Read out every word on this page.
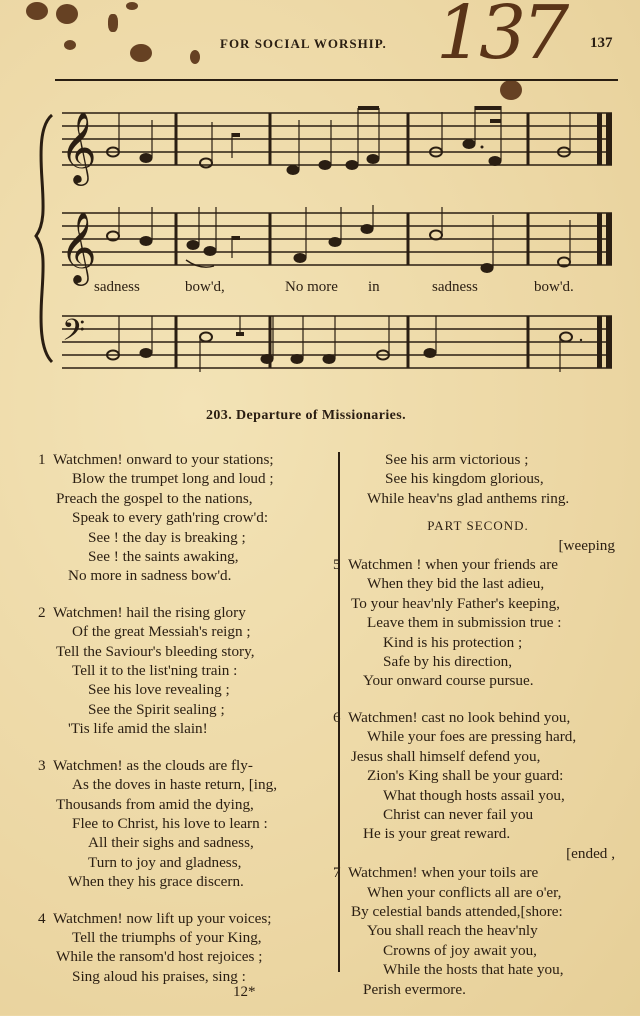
137
FOR SOCIAL WORSHIP.	137
𝄞
𝄞
𝄢
sadness	bow'd,	No more in	sadness	bow'd.
203. Departure of Missionaries.
1 Watchmen! onward to your stations;
Blow the trumpet long and loud ;
Preach the gospel to the nations,
Speak to every gath'ring crow'd:
See ! the day is breaking ;
See ! the saints awaking,
No more in sadness bow'd.
2 Watchmen! hail the rising glory
Of the great Messiah's reign ;
Tell the Saviour's bleeding story,
Tell it to the list'ning train :
See his love revealing ;
See the Spirit sealing ;
'Tis life amid the slain!
3 Watchmen! as the clouds are fly-
As the doves in haste return, [ing,
Thousands from amid the dying,
Flee to Christ, his love to learn :
All their sighs and sadness,
Turn to joy and gladness,
When they his grace discern.
4 Watchmen! now lift up your voices;
Tell the triumphs of your King,
While the ransom'd host rejoices ;
Sing aloud his praises, sing :
See his arm victorious ;
See his kingdom glorious,
While heav'ns glad anthems ring.
PART SECOND.
[weeping
5 Watchmen ! when your friends are
When they bid the last adieu,
To your heav'nly Father's keeping,
Leave them in submission true :
Kind is his protection ;
Safe by his direction,
Your onward course pursue.
6 Watchmen! cast no look behind you,
While your foes are pressing hard,
Jesus shall himself defend you,
Zion's King shall be your guard:
What though hosts assail you,
Christ can never fail you
He is your great reward.
[ended ,
7 Watchmen! when your toils are
When your conflicts all are o'er,
By celestial bands attended,[shore:
You shall reach the heav'nly
Crowns of joy await you,
While the hosts that hate you,
Perish evermore.
12*
